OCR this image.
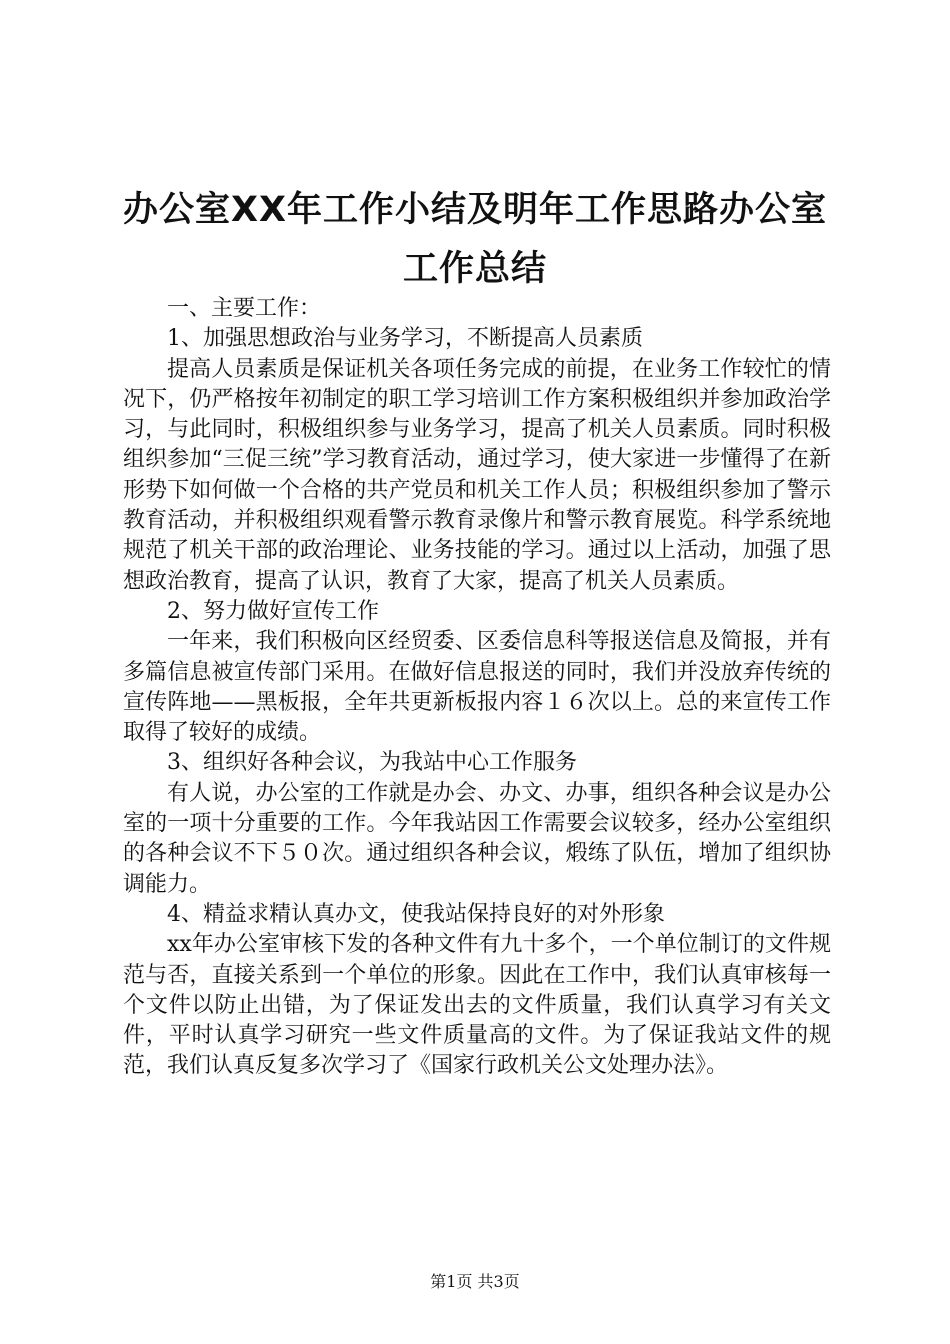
办公室XX年工作小结及明年工作思路办公室
工作总结

一、主要工作：

1、加强思想政治与业务学习，不断提高人员素质

提高人员素质是保证机关各项任务完成的前提，在业务工作较忙的情况下，仍严格按年初制定的职工学习培训工作方案积极组织并参加政治学习，与此同时，积极组织参与业务学习，提高了机关人员素质。同时积极组织参加“三促三统”学习教育活动，通过学习，使大家进一步懂得了在新形势下如何做一个合格的共产党员和机关工作人员；积极组织参加了警示教育活动，并积极组织观看警示教育录像片和警示教育展览。科学系统地规范了机关干部的政治理论、业务技能的学习。通过以上活动，加强了思想政治教育，提高了认识，教育了大家，提高了机关人员素质。

2、努力做好宣传工作

一年来，我们积极向区经贸委、区委信息科等报送信息及简报，并有多篇信息被宣传部门采用。在做好信息报送的同时，我们并没放弃传统的宣传阵地——黑板报，全年共更新板报内容１６次以上。总的来宣传工作取得了较好的成绩。

3、组织好各种会议，为我站中心工作服务

有人说，办公室的工作就是办会、办文、办事，组织各种会议是办公室的一项十分重要的工作。今年我站因工作需要会议较多，经办公室组织的各种会议不下５０次。通过组织各种会议，煅练了队伍，增加了组织协调能力。

4、精益求精认真办文，使我站保持良好的对外形象

xx年办公室审核下发的各种文件有九十多个，一个单位制订的文件规范与否，直接关系到一个单位的形象。因此在工作中，我们认真审核每一个文件以防止出错，为了保证发出去的文件质量，我们认真学习有关文件，平时认真学习研究一些文件质量高的文件。为了保证我站文件的规范，我们认真反复多次学习了《国家行政机关公文处理办法》。

第1页 共3页
